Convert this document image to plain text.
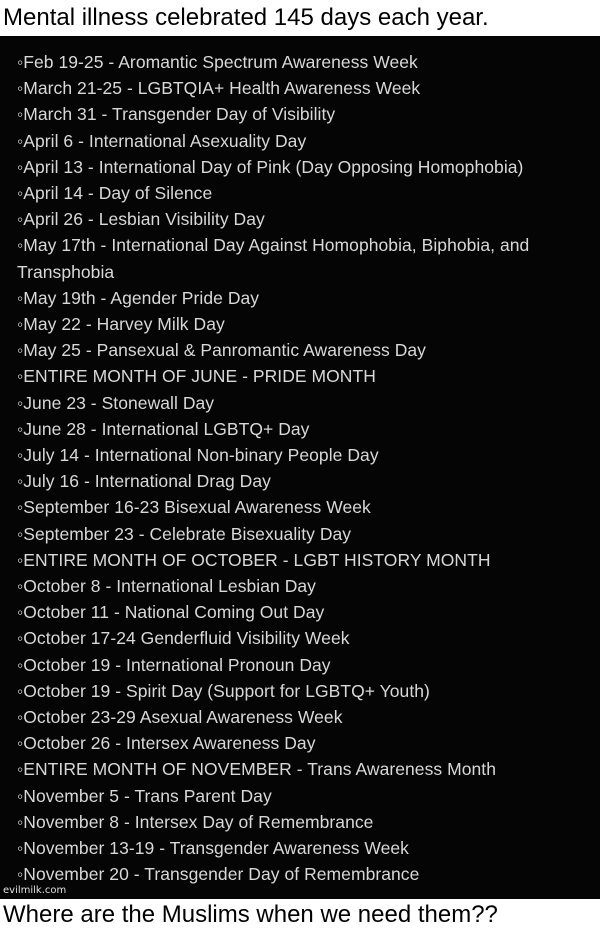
Mental illness celebrated 145 days each year.
◦Feb 19-25 - Aromantic Spectrum Awareness Week
◦March 21-25 - LGBTQIA+ Health Awareness Week
◦March 31 - Transgender Day of Visibility
◦April 6 - International Asexuality Day
◦April 13 - International Day of Pink (Day Opposing Homophobia)
◦April 14 - Day of Silence
◦April 26 - Lesbian Visibility Day
◦May 17th - International Day Against Homophobia, Biphobia, and Transphobia
◦May 19th - Agender Pride Day
◦May 22 - Harvey Milk Day
◦May 25 - Pansexual & Panromantic Awareness Day
◦ENTIRE MONTH OF JUNE - PRIDE MONTH
◦June 23 - Stonewall Day
◦June 28 - International LGBTQ+ Day
◦July 14 - International Non-binary People Day
◦July 16 - International Drag Day
◦September 16-23 Bisexual Awareness Week
◦September 23 - Celebrate Bisexuality Day
◦ENTIRE MONTH OF OCTOBER - LGBT HISTORY MONTH
◦October 8 - International Lesbian Day
◦October 11 - National Coming Out Day
◦October 17-24 Genderfluid Visibility Week
◦October 19 - International Pronoun Day
◦October 19 - Spirit Day (Support for LGBTQ+ Youth)
◦October 23-29 Asexual Awareness Week
◦October 26 - Intersex Awareness Day
◦ENTIRE MONTH OF NOVEMBER - Trans Awareness Month
◦November 5 - Trans Parent Day
◦November 8 - Intersex Day of Remembrance
◦November 13-19 - Transgender Awareness Week
◦November 20 - Transgender Day of Remembrance
evilmilk.com
Where are the Muslims when we need them??
